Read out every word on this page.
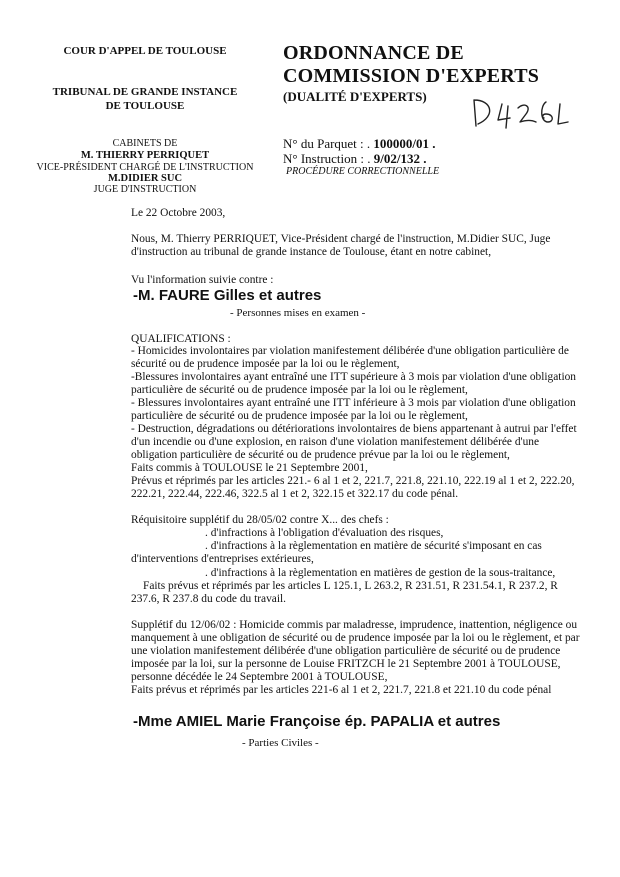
COUR D'APPEL DE TOULOUSE
TRIBUNAL DE GRANDE INSTANCE
DE TOULOUSE
CABINETS DE
M. THIERRY PERRIQUET
VICE-PRÉSIDENT CHARGÉ DE L'INSTRUCTION
M.DIDIER SUC
JUGE D'INSTRUCTION
ORDONNANCE DE
COMMISSION D'EXPERTS
(DUALITÉ D'EXPERTS)
N° du Parquet : . 100000/01 .
N° Instruction : . 9/02/132 .
PROCÉDURE CORRECTIONNELLE
Le 22 Octobre 2003,
Nous, M. Thierry PERRIQUET, Vice-Président chargé de l'instruction, M.Didier SUC, Juge
d'instruction au tribunal de grande instance de Toulouse, étant en notre cabinet,
Vu l'information suivie contre :
-M. FAURE Gilles et autres
- Personnes mises en examen -
QUALIFICATIONS :
- Homicides involontaires par violation manifestement délibérée d'une obligation particulière de
sécurité ou de prudence imposée par la loi ou le règlement,
-Blessures involontaires ayant entraîné une ITT supérieure à 3 mois par violation d'une obligation
particulière de sécurité ou de prudence imposée par la loi ou le règlement,
- Blessures involontaires ayant entraîné une ITT inférieure à 3 mois par violation d'une obligation
particulière de sécurité ou de prudence imposée par la loi ou le règlement,
- Destruction, dégradations ou détériorations involontaires de biens appartenant à autrui par l'effet
d'un incendie ou d'une explosion, en raison d'une violation manifestement délibérée d'une
obligation particulière de sécurité ou de prudence prévue par la loi ou le règlement,
Faits commis à TOULOUSE le 21 Septembre 2001,
Prévus et réprimés par les articles 221.- 6 al 1 et 2, 221.7, 221.8, 221.10, 222.19 al 1 et 2, 222.20,
222.21, 222.44, 222.46, 322.5 al 1 et 2, 322.15 et 322.17 du code pénal.
Réquisitoire supplétif du 28/05/02 contre X... des chefs :
. d'infractions à l'obligation d'évaluation des risques,
. d'infractions à la règlementation en matière de sécurité s'imposant en cas
d'interventions d'entreprises extérieures,
. d'infractions à la règlementation en matières de gestion de la sous-traitance,
Faits prévus et réprimés par les articles L 125.1, L 263.2, R 231.51, R 231.54.1, R 237.2, R
237.6, R 237.8 du code du travail.
Supplétif du 12/06/02 : Homicide commis par maladresse, imprudence, inattention, négligence ou
manquement à une obligation de sécurité ou de prudence imposée par la loi ou le règlement, et par
une violation manifestement délibérée d'une obligation particulière de sécurité ou de prudence
imposée par la loi, sur la personne de Louise FRITZCH le 21 Septembre 2001 à TOULOUSE,
personne décédée le 24 Septembre 2001 à TOULOUSE,
Faits prévus et réprimés par les articles 221-6 al 1 et 2, 221.7, 221.8 et 221.10 du code pénal
-Mme AMIEL Marie Françoise ép. PAPALIA et autres
- Parties Civiles -
